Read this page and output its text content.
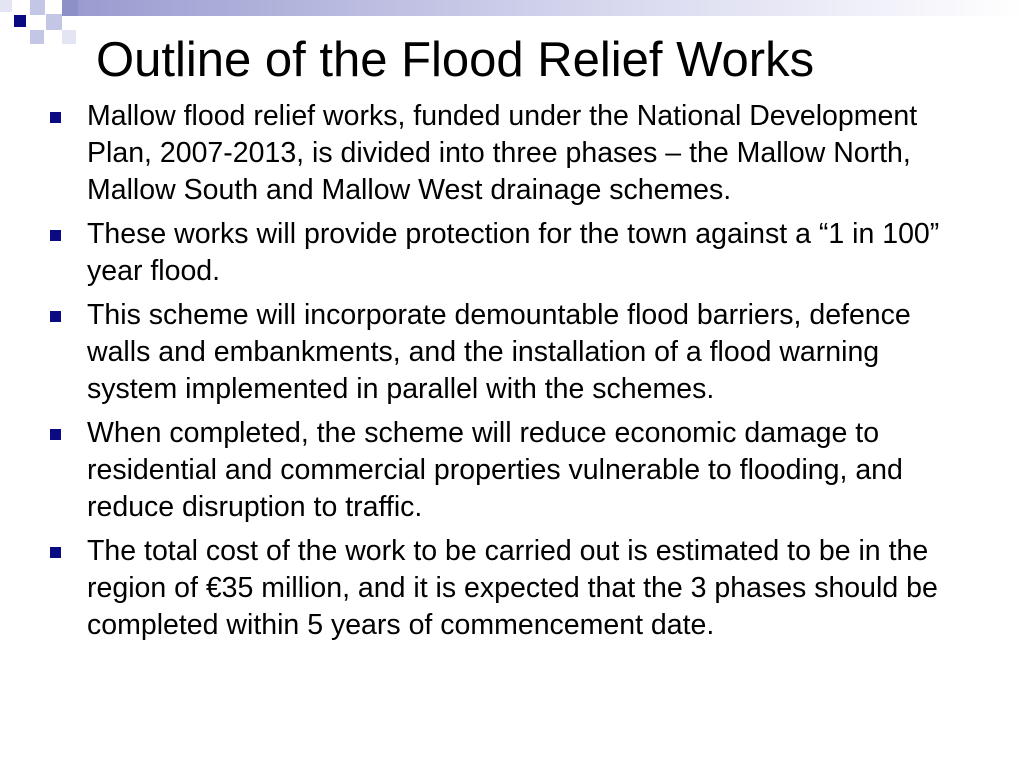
Outline of the Flood Relief Works
Mallow flood relief works, funded under the National Development Plan, 2007-2013, is divided into three phases – the Mallow North, Mallow South and Mallow West drainage schemes.
These works will provide protection for the town against a “1 in 100” year flood.
This scheme will incorporate demountable flood barriers, defence walls and embankments, and the installation of a flood warning system implemented in parallel with the schemes.
When completed, the scheme will reduce economic damage to residential and commercial properties vulnerable to flooding, and reduce disruption to traffic.
The total cost of the work to be carried out is estimated to be in the region of €35 million, and it is expected that the 3 phases should be completed within 5 years of commencement date.
